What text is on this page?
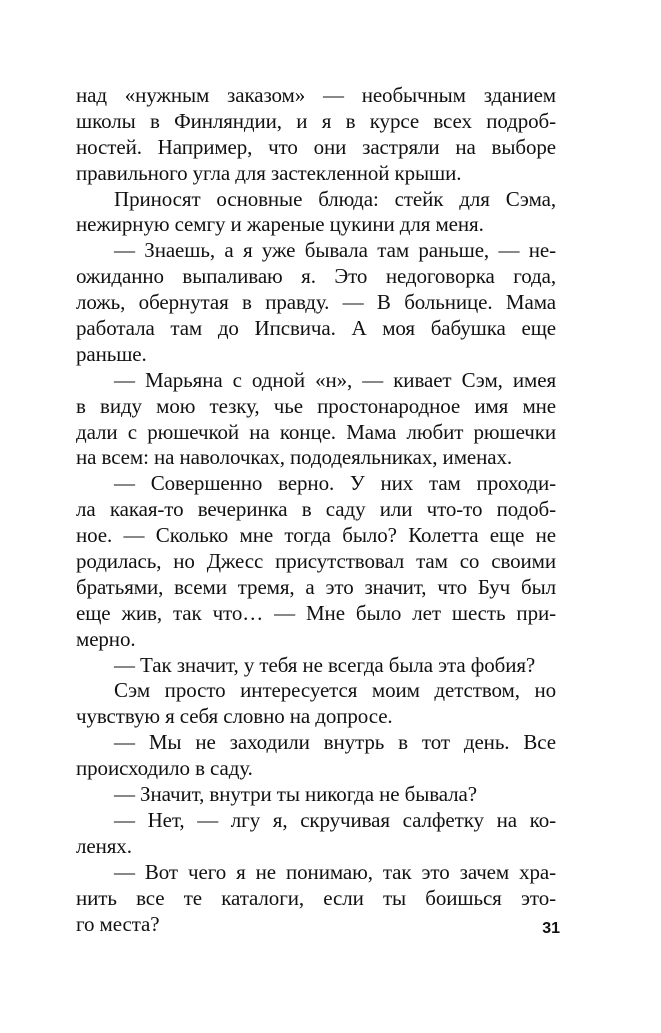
над «нужным заказом» — необычным зданием
школы в Финляндии, и я в курсе всех подроб-
ностей. Например, что они застряли на выборе
правильного угла для застекленной крыши.
Приносят основные блюда: стейк для Сэма,
нежирную семгу и жареные цукини для меня.
— Знаешь, а я уже бывала там раньше, — не-
ожиданно выпаливаю я. Это недоговорка года,
ложь, обернутая в правду. — В больнице. Мама
работала там до Ипсвича. А моя бабушка еще
раньше.
— Марьяна с одной «н», — кивает Сэм, имея
в виду мою тезку, чье простонародное имя мне
дали с рюшечкой на конце. Мама любит рюшечки
на всем: на наволочках, пододеяльниках, именах.
— Совершенно верно. У них там проходи-
ла какая-то вечеринка в саду или что-то подоб-
ное. — Сколько мне тогда было? Колетта еще не
родилась, но Джесс присутствовал там со своими
братьями, всеми тремя, а это значит, что Буч был
еще жив, так что… — Мне было лет шесть при-
мерно.
— Так значит, у тебя не всегда была эта фобия?
Сэм просто интересуется моим детством, но
чувствую я себя словно на допросе.
— Мы не заходили внутрь в тот день. Все
происходило в саду.
— Значит, внутри ты никогда не бывала?
— Нет, — лгу я, скручивая салфетку на ко-
ленях.
— Вот чего я не понимаю, так это зачем хра-
нить все те каталоги, если ты боишься это-
го места?	31
